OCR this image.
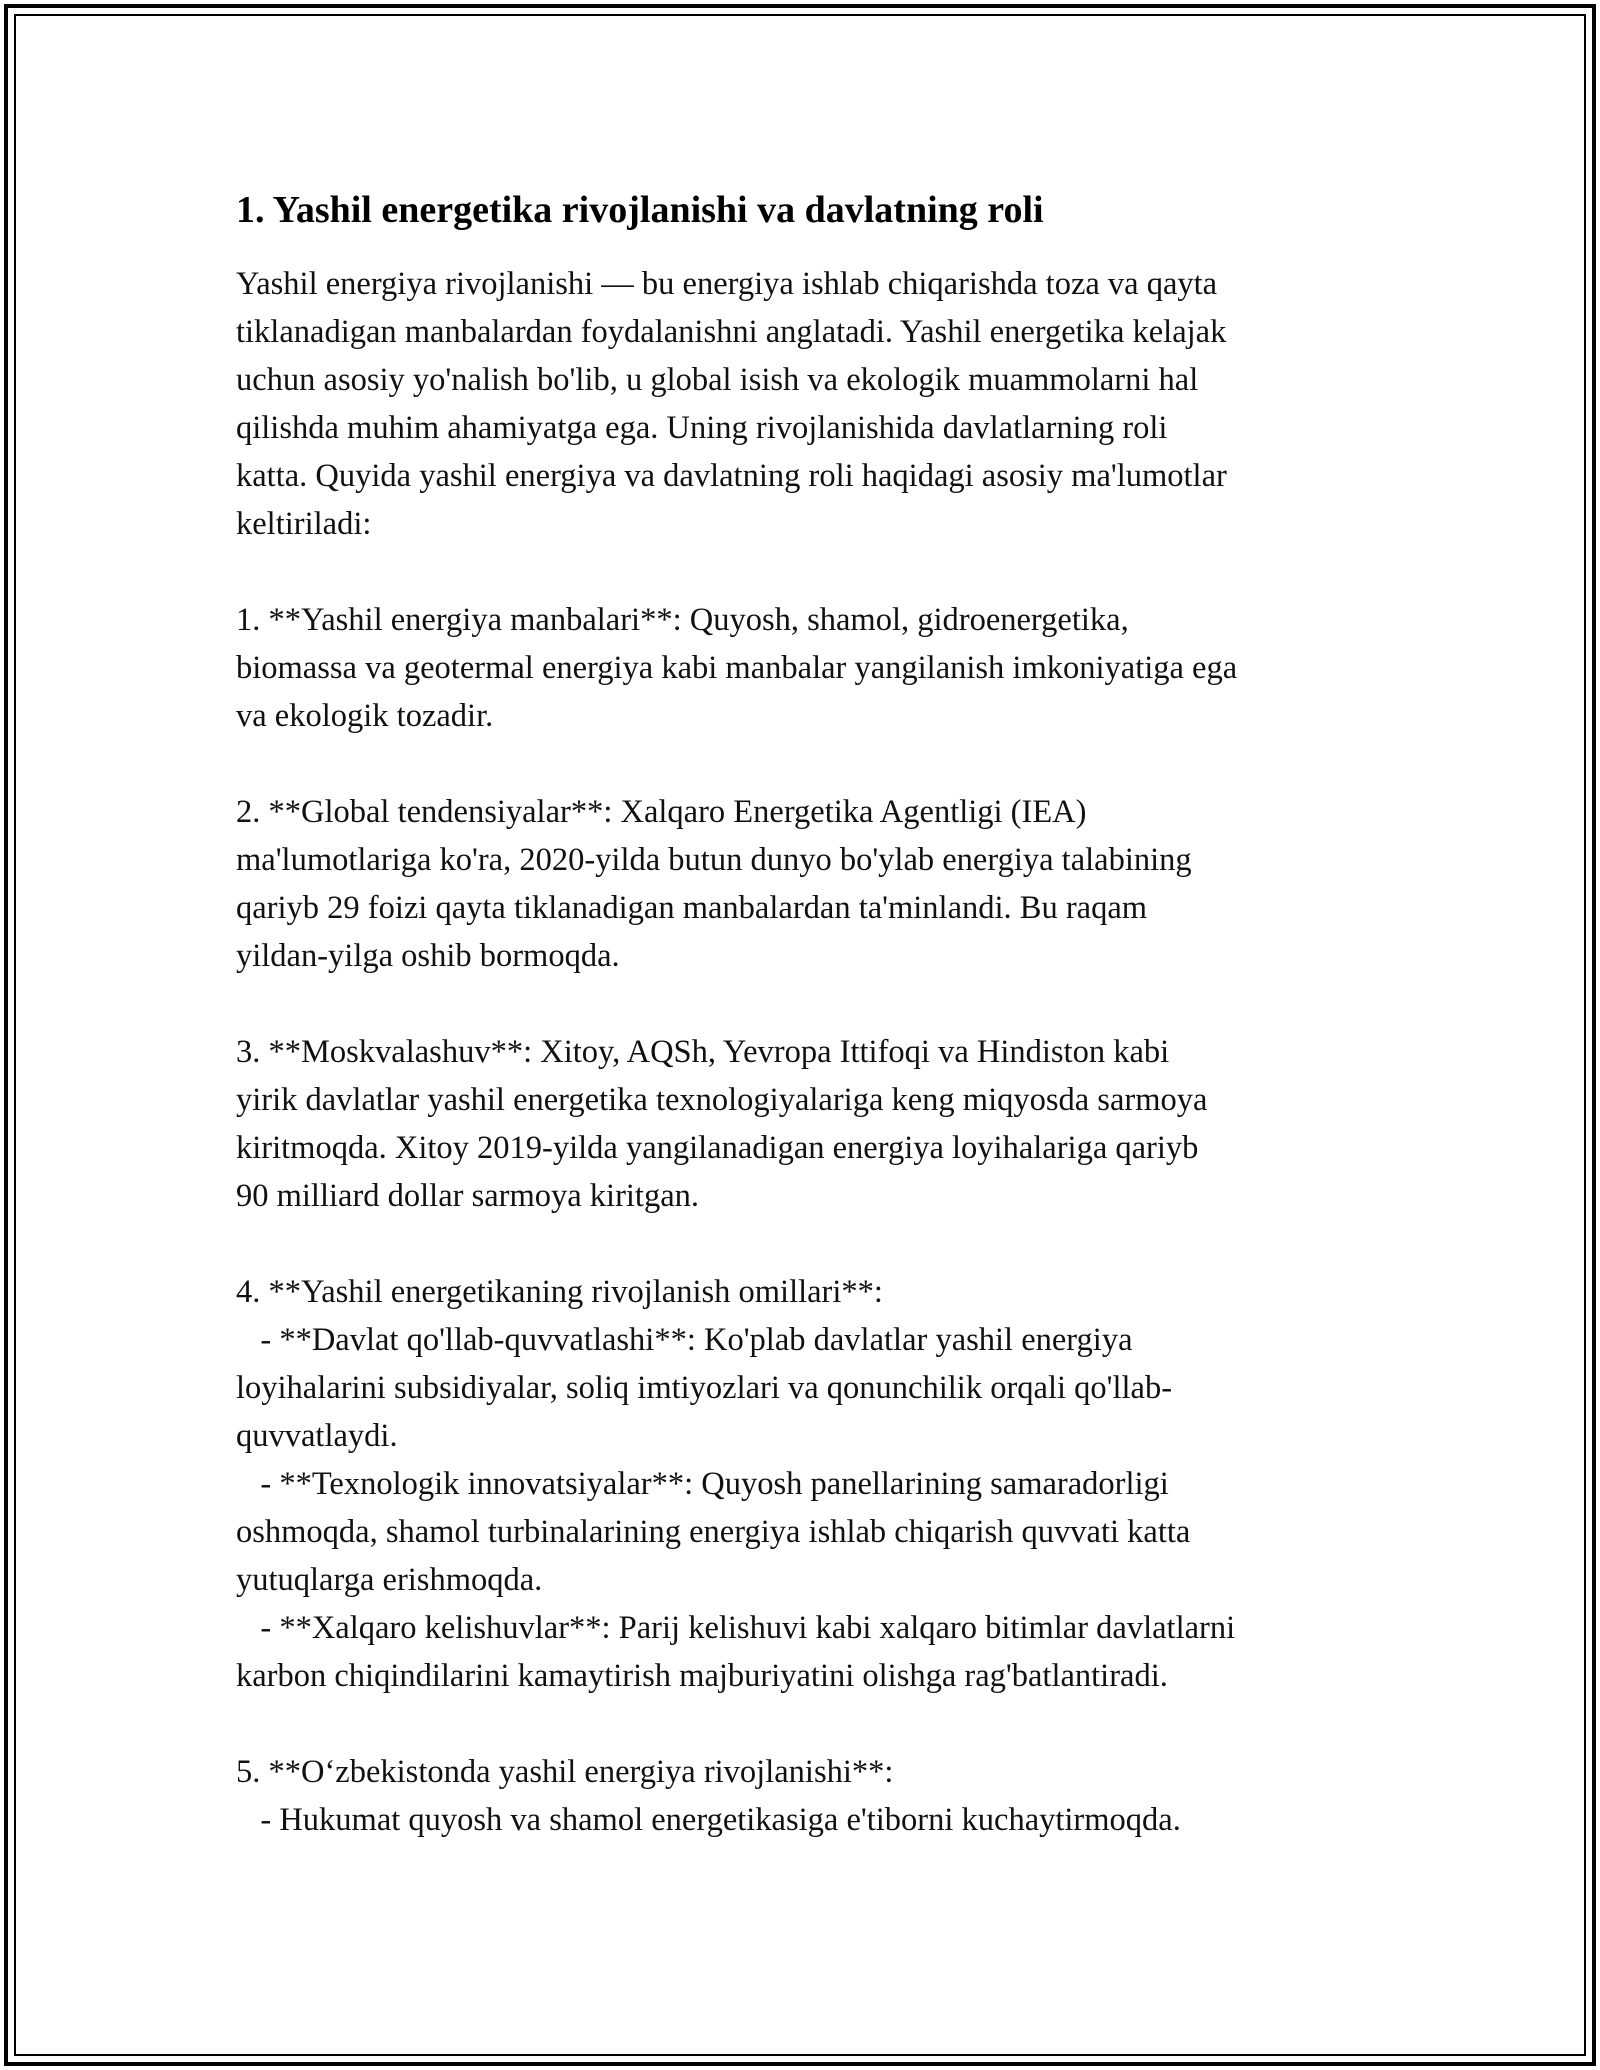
1. Yashil energetika rivojlanishi va davlatning roli

Yashil energiya rivojlanishi — bu energiya ishlab chiqarishda toza va qayta
tiklanadigan manbalardan foydalanishni anglatadi. Yashil energetika kelajak
uchun asosiy yo'nalish bo'lib, u global isish va ekologik muammolarni hal
qilishda muhim ahamiyatga ega. Uning rivojlanishida davlatlarning roli
katta. Quyida yashil energiya va davlatning roli haqidagi asosiy ma'lumotlar
keltiriladi:

1. **Yashil energiya manbalari**: Quyosh, shamol, gidroenergetika,
biomassa va geotermal energiya kabi manbalar yangilanish imkoniyatiga ega
va ekologik tozadir.

2. **Global tendensiyalar**: Xalqaro Energetika Agentligi (IEA)
ma'lumotlariga ko'ra, 2020-yilda butun dunyo bo'ylab energiya talabining
qariyb 29 foizi qayta tiklanadigan manbalardan ta'minlandi. Bu raqam
yildan-yilga oshib bormoqda.

3. **Moskvalashuv**: Xitoy, AQSh, Yevropa Ittifoqi va Hindiston kabi
yirik davlatlar yashil energetika texnologiyalariga keng miqyosda sarmoya
kiritmoqda. Xitoy 2019-yilda yangilanadigan energiya loyihalariga qariyb
90 milliard dollar sarmoya kiritgan.

4. **Yashil energetikaning rivojlanish omillari**:
- **Davlat qo'llab-quvvatlashi**: Ko'plab davlatlar yashil energiya
loyihalarini subsidiyalar, soliq imtiyozlari va qonunchilik orqali qo'llab-
quvvatlaydi.
- **Texnologik innovatsiyalar**: Quyosh panellarining samaradorligi
oshmoqda, shamol turbinalarining energiya ishlab chiqarish quvvati katta
yutuqlarga erishmoqda.
- **Xalqaro kelishuvlar**: Parij kelishuvi kabi xalqaro bitimlar davlatlarni
karbon chiqindilarini kamaytirish majburiyatini olishga rag'batlantiradi.

5. **Oʻzbekistonda yashil energiya rivojlanishi**:
- Hukumat quyosh va shamol energetikasiga e'tiborni kuchaytirmoqda.
